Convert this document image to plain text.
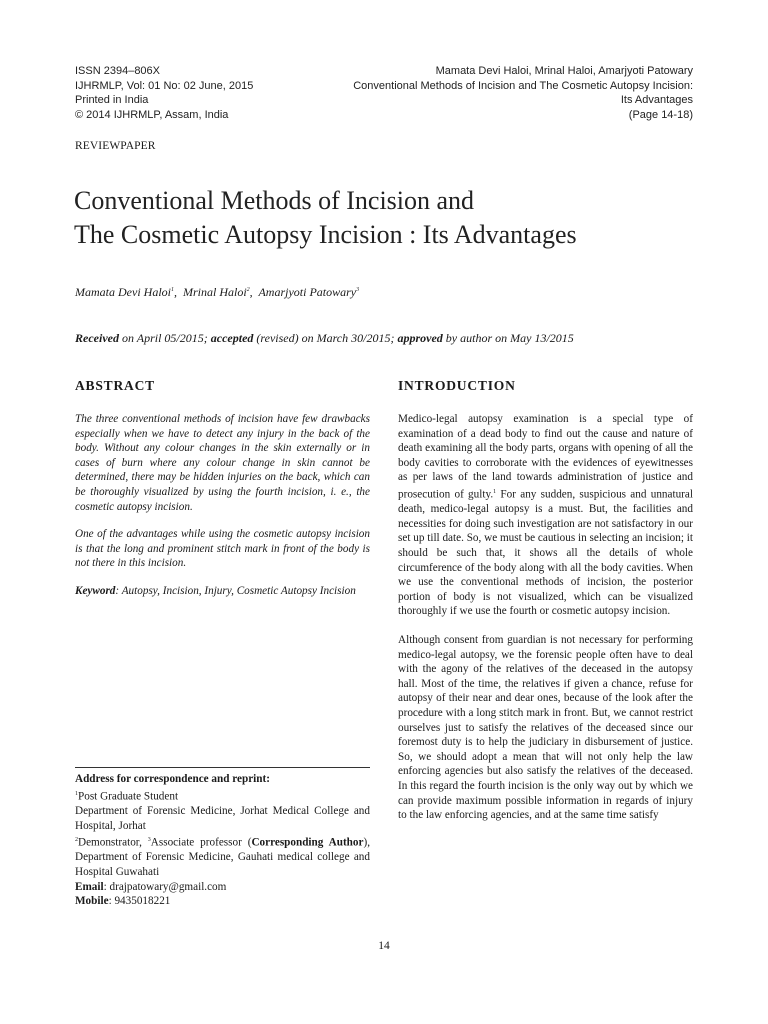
ISSN 2394–806X
IJHRMLP, Vol: 01 No: 02 June, 2015
Printed in India
© 2014 IJHRMLP, Assam, India
Mamata Devi Haloi, Mrinal Haloi, Amarjyoti Patowary
Conventional Methods of Incision and The Cosmetic Autopsy Incision:
Its Advantages
(Page 14-18)
REVIEWPAPER
Conventional Methods of Incision and
The Cosmetic Autopsy Incision : Its Advantages
Mamata Devi Haloi$^1$,  Mrinal Haloi$^2$,  Amarjyoti Patowary$^3$
Received on April 05/2015; accepted (revised) on March 30/2015; approved by author on May 13/2015
ABSTRACT

The three conventional methods of incision have few drawbacks especially when we have to detect any injury in the back of the body. Without any colour changes in the skin externally or in cases of burn where any colour change in skin cannot be determined, there may be hidden injuries on the back, which can be thoroughly visualized by using the fourth incision, i. e., the cosmetic autopsy incision.

One of the advantages while using the cosmetic autopsy incision is that the long and prominent stitch mark in front of the body is not there in this incision.

Keyword: Autopsy, Incision, Injury, Cosmetic Autopsy Incision

INTRODUCTION

Medico-legal autopsy examination is a special type of examination of a dead body to find out the cause and nature of death examining all the body parts, organs with opening of all the body cavities to corroborate with the evidences of eyewitnesses as per laws of the land towards administration of justice and prosecution of gulty.$^1$ For any sudden, suspicious and unnatural death, medico-legal autopsy is a must. But, the facilities and necessities for doing such investigation are not satisfactory in our set up till date. So, we must be cautious in selecting an incision; it should be such that, it shows all the details of whole circumference of the body along with all the body cavities. When we use the conventional methods of incision, the posterior portion of body is not visualized, which can be visualized thoroughly if we use the fourth or cosmetic autopsy incision.

Although consent from guardian is not necessary for performing medico-legal autopsy, we the forensic people often have to deal with the agony of the relatives of the deceased in the autopsy hall. Most of the time, the relatives if given a chance, refuse for autopsy of their near and dear ones, because of the look after the procedure with a long stitch mark in front. But, we cannot restrict ourselves just to satisfy the relatives of the deceased since our foremost duty is to help the judiciary in disbursement of justice. So, we should adopt a mean that will not only help the law enforcing agencies but also satisfy the relatives of the deceased. In this regard the fourth incision is the only way out by which we can provide maximum possible information in regards of injury to the law enforcing agencies, and at the same time satisfy

Address for correspondence and reprint:
$^1$Post Graduate Student
Department of Forensic Medicine, Jorhat Medical College and Hospital, Jorhat
$^2$Demonstrator, $^3$Associate professor (Corresponding Author), Department of Forensic Medicine, Gauhati medical college and Hospital Guwahati
Email: drajpatowary@gmail.com
Mobile: 9435018221
14
